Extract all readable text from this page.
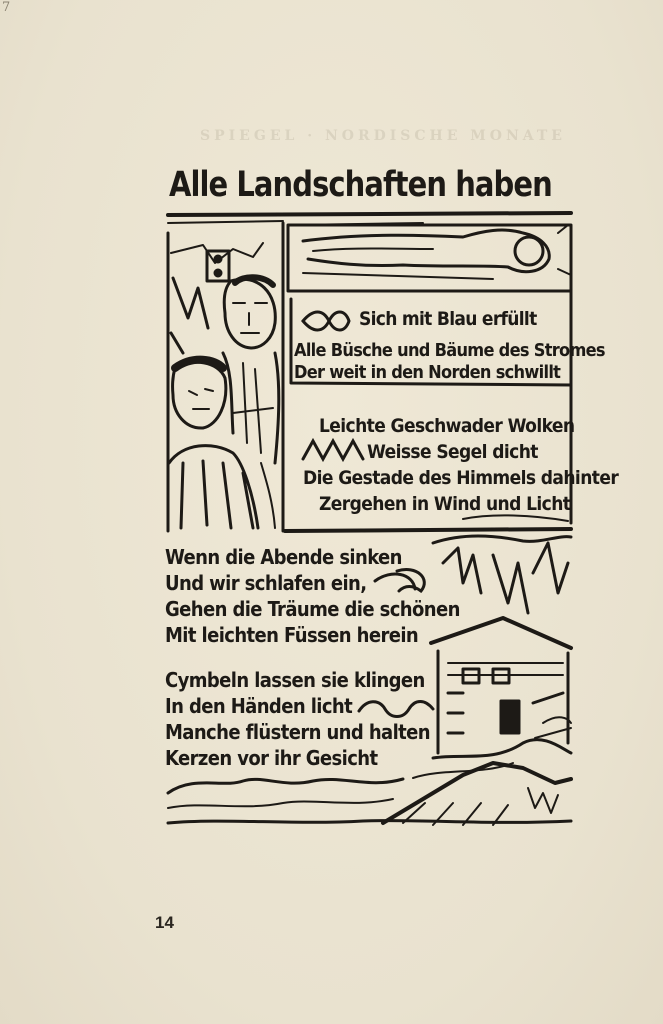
7
SPIEGEL · NORDISCHE MONATE
Alle Landschaften haben
Sich mit Blau erfüllt
Alle Büsche und Bäume des Stromes
Der weit in den Norden schwillt
Leichte Geschwader Wolken
Weisse Segel dicht
Die Gestade des Himmels dahinter
Zergehen in Wind und Licht
Wenn die Abende sinken
Und wir schlafen ein,
Gehen die Träume die schönen
Mit leichten Füssen herein
Cymbeln lassen sie klingen
In den Händen licht
Manche flüstern und halten
Kerzen vor ihr Gesicht
14
